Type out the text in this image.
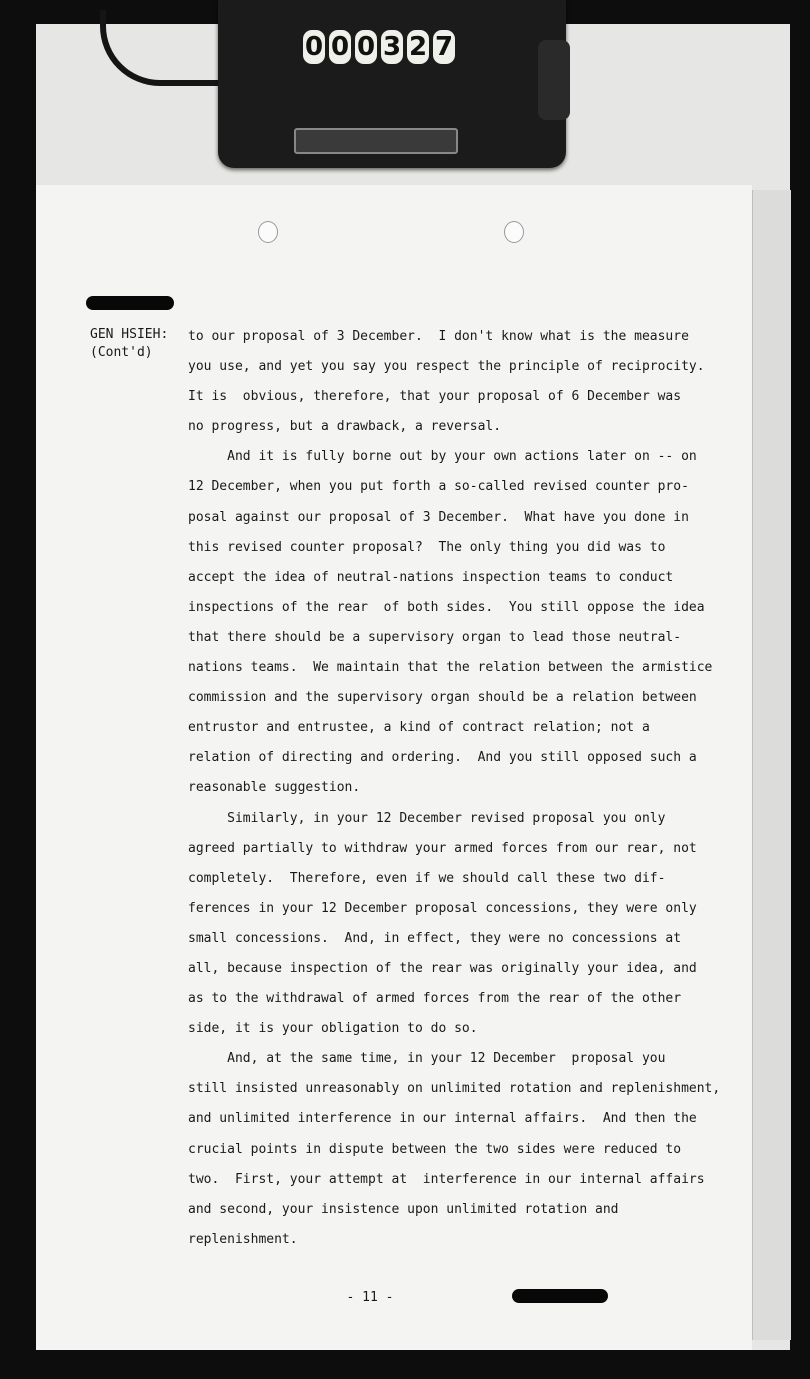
0 0 0 3 2 7
GEN HSIEH:
(Cont'd)
to our proposal of 3 December.  I don't know what is the measure
you use, and yet you say you respect the principle of reciprocity.
It is  obvious, therefore, that your proposal of 6 December was
no progress, but a drawback, a reversal.
And it is fully borne out by your own actions later on -- on
12 December, when you put forth a so-called revised counter pro-
posal against our proposal of 3 December.  What have you done in
this revised counter proposal?  The only thing you did was to
accept the idea of neutral-nations inspection teams to conduct
inspections of the rear  of both sides.  You still oppose the idea
that there should be a supervisory organ to lead those neutral-
nations teams.  We maintain that the relation between the armistice
commission and the supervisory organ should be a relation between
entrustor and entrustee, a kind of contract relation; not a
relation of directing and ordering.  And you still opposed such a
reasonable suggestion.
Similarly, in your 12 December revised proposal you only
agreed partially to withdraw your armed forces from our rear, not
completely.  Therefore, even if we should call these two dif-
ferences in your 12 December proposal concessions, they were only
small concessions.  And, in effect, they were no concessions at
all, because inspection of the rear was originally your idea, and
as to the withdrawal of armed forces from the rear of the other
side, it is your obligation to do so.
And, at the same time, in your 12 December  proposal you
still insisted unreasonably on unlimited rotation and replenishment,
and unlimited interference in our internal affairs.  And then the
crucial points in dispute between the two sides were reduced to
two.  First, your attempt at  interference in our internal affairs
and second, your insistence upon unlimited rotation and
replenishment.
- 11 -
